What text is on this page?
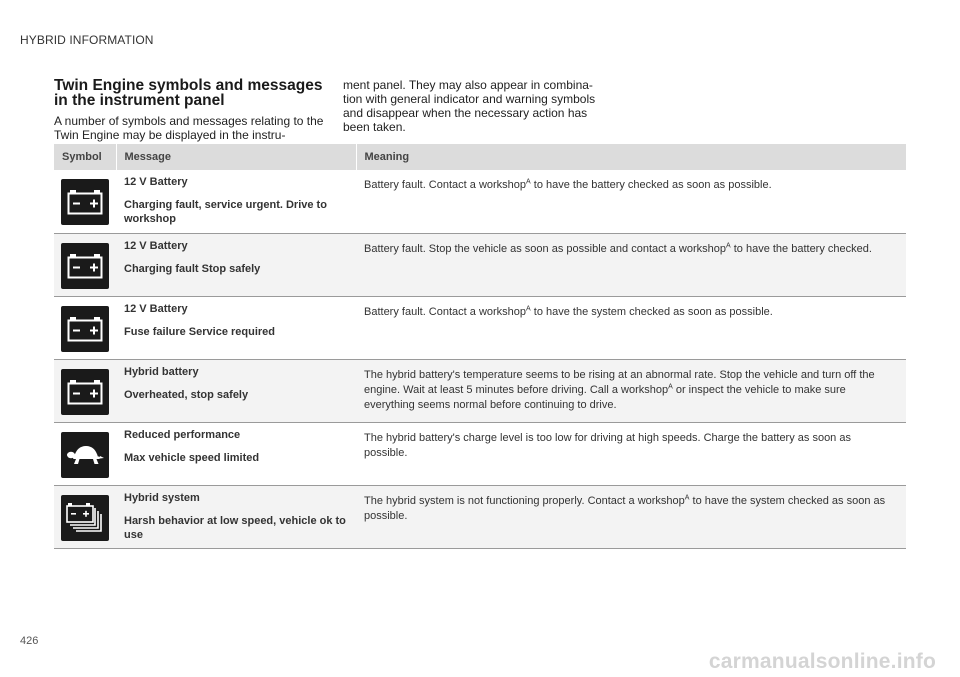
HYBRID INFORMATION
Twin Engine symbols and messages in the instrument panel

A number of symbols and messages relating to the Twin Engine may be displayed in the instru-

ment panel. They may also appear in combina- tion with general indicator and warning symbols and disappear when the necessary action has been taken.

Symbol	Message	Meaning

12 V Battery
Charging fault, service urgent. Drive to workshop	Battery fault. Contact a workshop$^A$ to have the battery checked as soon as possible.

12 V Battery
Charging fault Stop safely	Battery fault. Stop the vehicle as soon as possible and contact a workshop$^A$ to have the battery checked.

12 V Battery
Fuse failure Service required	Battery fault. Contact a workshop$^A$ to have the system checked as soon as possible.

Hybrid battery
Overheated, stop safely	The hybrid battery's temperature seems to be rising at an abnormal rate. Stop the vehicle and turn off the engine. Wait at least 5 minutes before driving. Call a workshop$^A$ or inspect the vehicle to make sure everything seems normal before continuing to drive.

Reduced performance
Max vehicle speed limited	The hybrid battery's charge level is too low for driving at high speeds. Charge the battery as soon as possible.

Hybrid system
Harsh behavior at low speed, vehicle ok to use	The hybrid system is not functioning properly. Contact a workshop$^A$ to have the system checked as soon as possible.
426
carmanualsonline.info
